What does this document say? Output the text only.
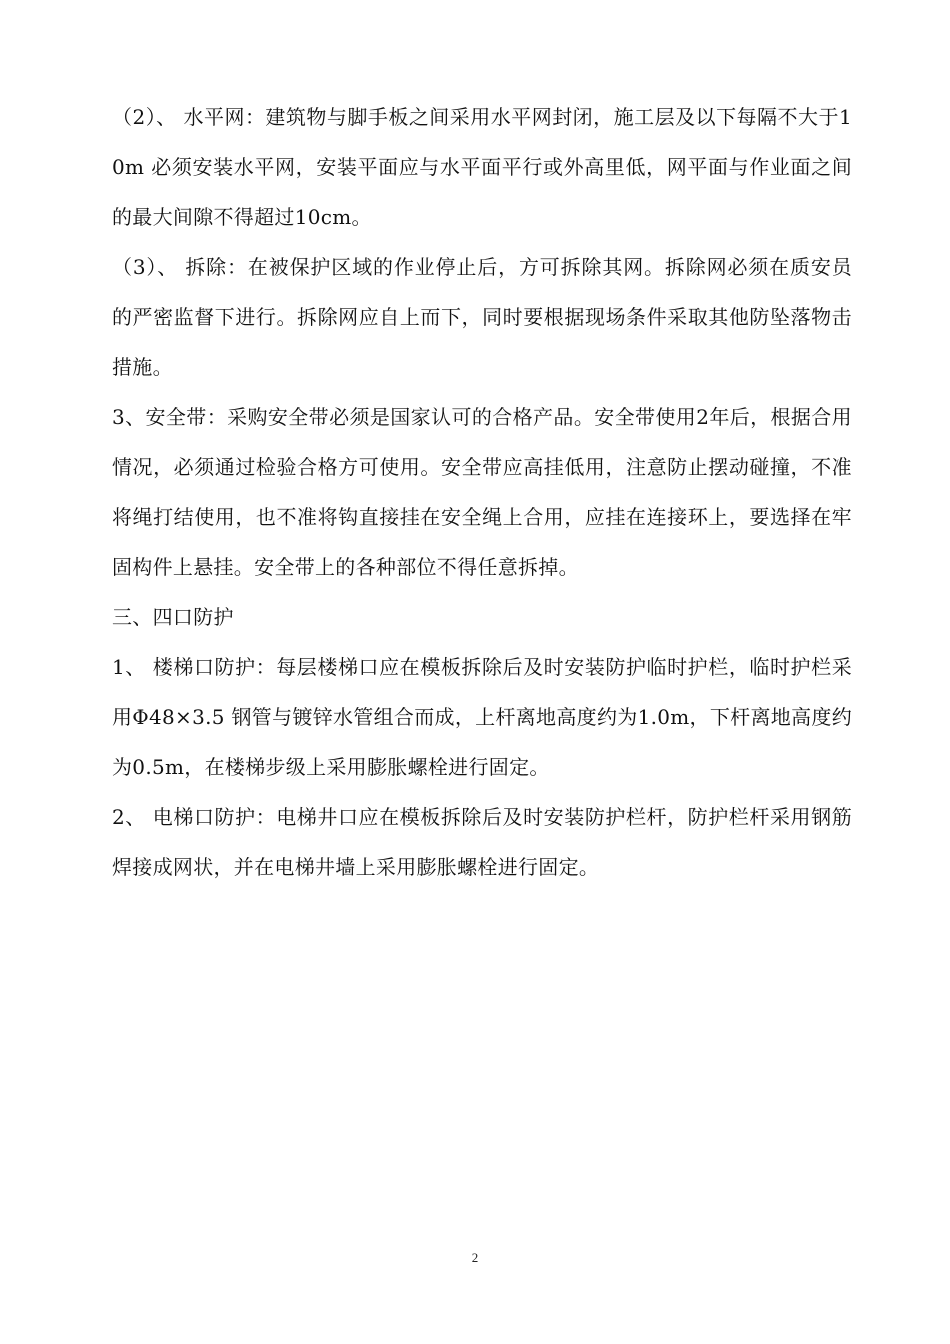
（2）、 水平网：建筑物与脚手板之间采用水平网封闭，施工层及以下每隔不大于10m 必须安装水平网，安装平面应与水平面平行或外高里低，网平面与作业面之间的最大间隙不得超过10cm。

（3）、 拆除：在被保护区域的作业停止后，方可拆除其网。拆除网必须在质安员的严密监督下进行。拆除网应自上而下，同时要根据现场条件采取其他防坠落物击措施。

3、安全带：采购安全带必须是国家认可的合格产品。安全带使用2年后，根据合用情况，必须通过检验合格方可使用。安全带应高挂低用，注意防止摆动碰撞，不准将绳打结使用，也不准将钩直接挂在安全绳上合用，应挂在连接环上，要选择在牢固构件上悬挂。安全带上的各种部位不得任意拆掉。

三、四口防护

1、 楼梯口防护：每层楼梯口应在模板拆除后及时安装防护临时护栏，临时护栏采用Φ48×3.5 钢管与镀锌水管组合而成，上杆离地高度约为1.0m，下杆离地高度约为0.5m，在楼梯步级上采用膨胀螺栓进行固定。

2、 电梯口防护：电梯井口应在模板拆除后及时安装防护栏杆，防护栏杆采用钢筋焊接成网状，并在电梯井墙上采用膨胀螺栓进行固定。

2
